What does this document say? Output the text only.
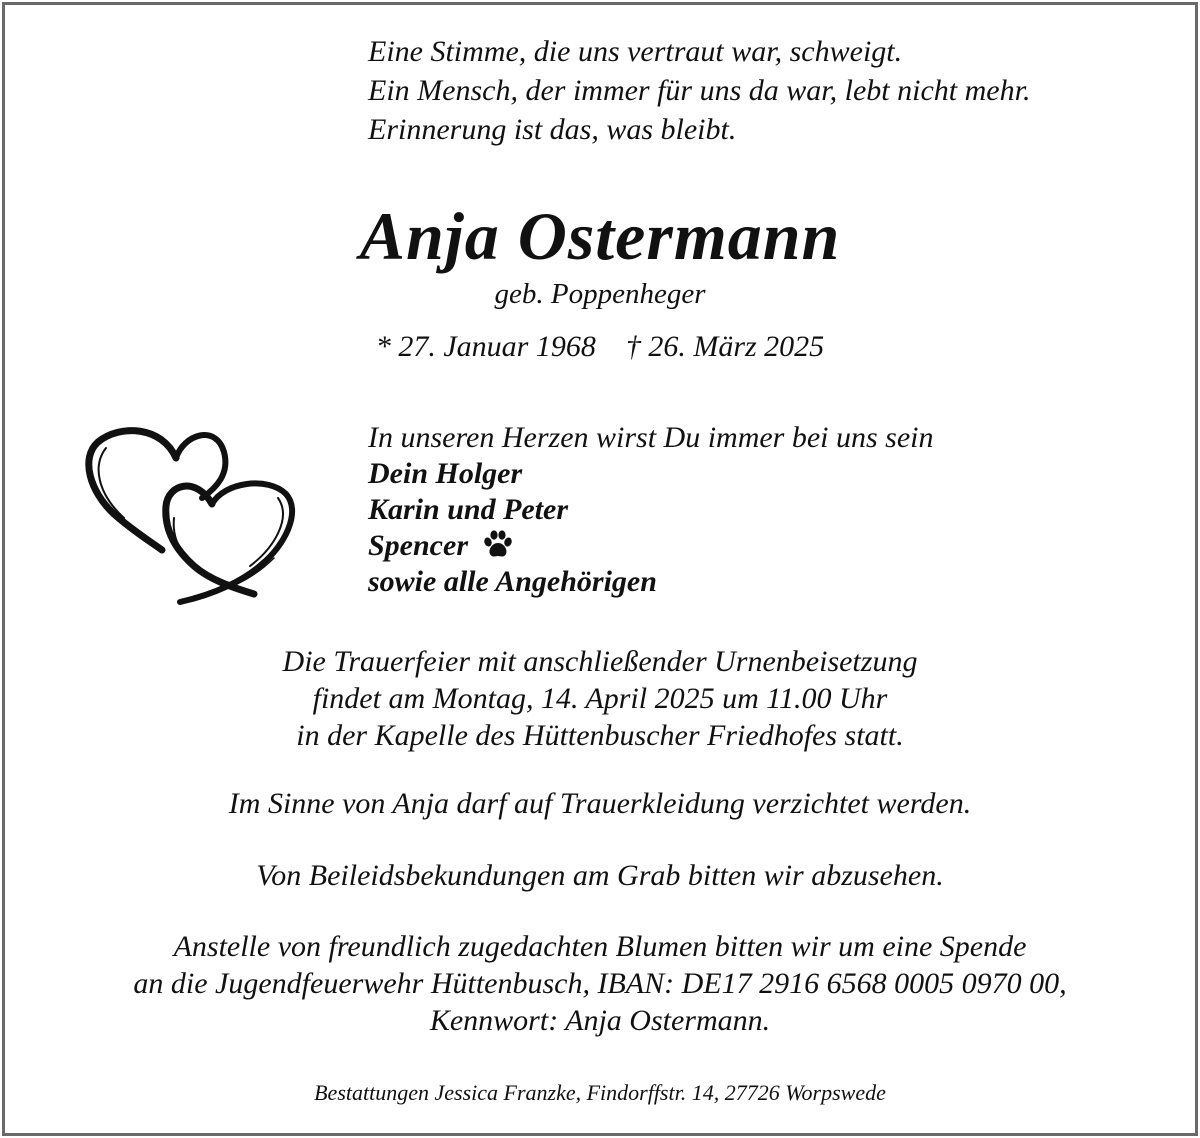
Eine Stimme, die uns vertraut war, schweigt.
Ein Mensch, der immer für uns da war, lebt nicht mehr.
Erinnerung ist das, was bleibt.
Anja Ostermann
geb. Poppenheger
* 27. Januar 1968 † 26. März 2025
In unseren Herzen wirst Du immer bei uns sein
Dein Holger
Karin und Peter
Spencer
sowie alle Angehörigen
Die Trauerfeier mit anschließender Urnenbeisetzung
findet am Montag, 14. April 2025 um 11.00 Uhr
in der Kapelle des Hüttenbuscher Friedhofes statt.
Im Sinne von Anja darf auf Trauerkleidung verzichtet werden.
Von Beileidsbekundungen am Grab bitten wir abzusehen.
Anstelle von freundlich zugedachten Blumen bitten wir um eine Spende
an die Jugendfeuerwehr Hüttenbusch, IBAN: DE17 2916 6568 0005 0970 00,
Kennwort: Anja Ostermann.
Bestattungen Jessica Franzke, Findorffstr. 14, 27726 Worpswede
